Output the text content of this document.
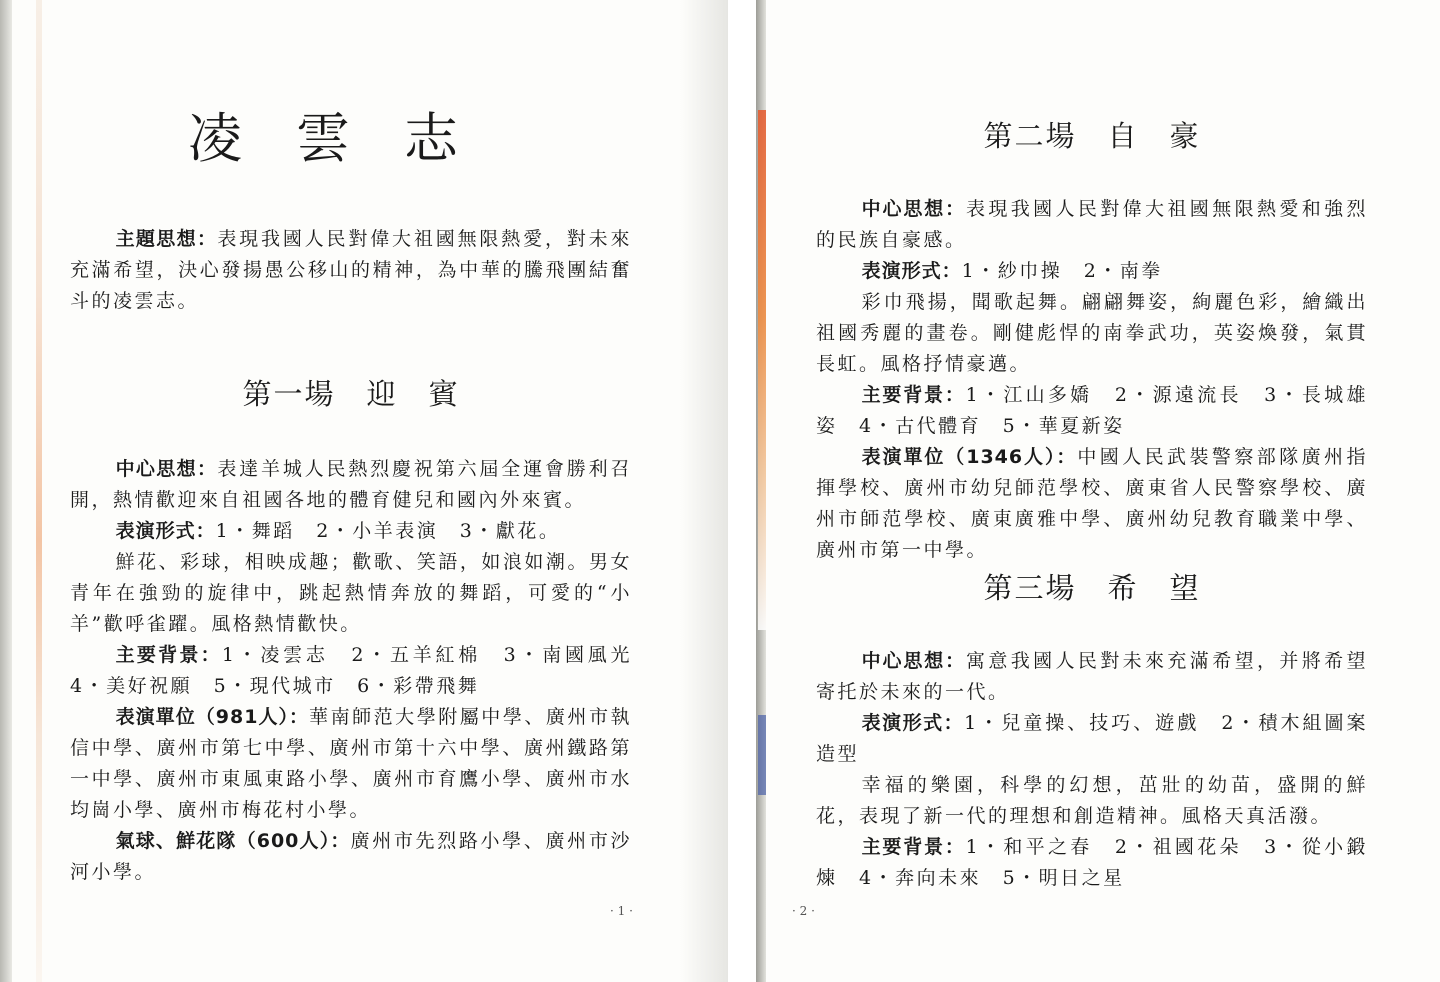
凌雲志
主題思想：表現我國人民對偉大祖國無限熱愛，對未來充滿希望，決心發揚愚公移山的精神，為中華的騰飛團結奮斗的凌雲志。
第一場　迎　賓
中心思想：表達羊城人民熱烈慶祝第六屆全運會勝利召開，熱情歡迎來自祖國各地的體育健兒和國內外來賓。
表演形式：1・舞蹈　2・小羊表演　3・獻花。
鮮花、彩球，相映成趣；歡歌、笑語，如浪如潮。男女青年在強勁的旋律中，跳起熱情奔放的舞蹈，可愛的“小羊”歡呼雀躍。風格熱情歡快。
主要背景：1・凌雲志　2・五羊紅棉　3・南國風光　4・美好祝願　5・現代城市　6・彩帶飛舞
表演單位（981人）：華南師范大學附屬中學、廣州市執信中學、廣州市第七中學、廣州市第十六中學、廣州鐵路第一中學、廣州市東風東路小學、廣州市育鷹小學、廣州市水均崗小學、廣州市梅花村小學。
氣球、鮮花隊（600人）：廣州市先烈路小學、廣州市沙河小學。
· 1 ·
第二場　自　豪
中心思想：表現我國人民對偉大祖國無限熱愛和強烈的民族自豪感。
表演形式：1・紗巾操　2・南拳
彩巾飛揚，聞歌起舞。翩翩舞姿，絢麗色彩，繪織出祖國秀麗的畫卷。剛健彪悍的南拳武功，英姿煥發，氣貫長虹。風格抒情豪邁。
主要背景：1・江山多嬌　2・源遠流長　3・長城雄姿　4・古代體育　5・華夏新姿
表演單位（1346人）：中國人民武裝警察部隊廣州指揮學校、廣州市幼兒師范學校、廣東省人民警察學校、廣州市師范學校、廣東廣雅中學、廣州幼兒教育職業中學、廣州市第一中學。
第三場　希　望
中心思想：寓意我國人民對未來充滿希望，并將希望寄托於未來的一代。
表演形式：1・兒童操、技巧、遊戲　2・積木組圖案造型
幸福的樂園，科學的幻想，茁壯的幼苗，盛開的鮮花，表現了新一代的理想和創造精神。風格天真活潑。
主要背景：1・和平之春　2・祖國花朵　3・從小鍛煉　4・奔向未來　5・明日之星
· 2 ·
